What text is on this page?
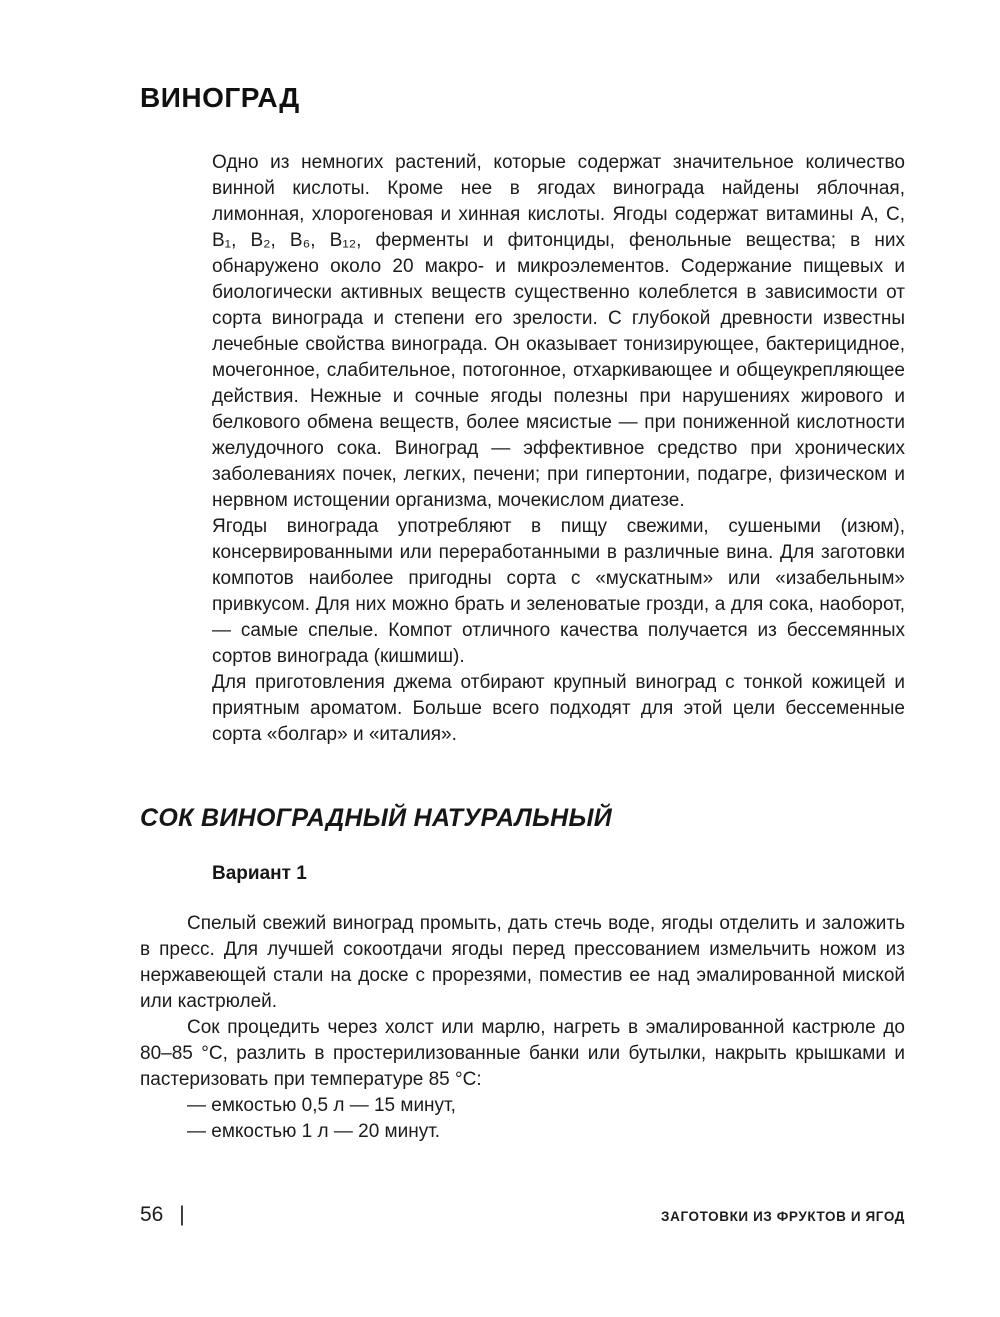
ВИНОГРАД

Одно из немногих растений, которые содержат значительное количество винной кислоты. Кроме нее в ягодах винограда найдены яблочная, лимонная, хлорогеновая и хинная кислоты. Ягоды содержат витамины A, C, B₁, B₂, B₆, B₁₂, ферменты и фитонциды, фенольные вещества; в них обнаружено около 20 макро- и микроэлементов. Содержание пищевых и биологически активных веществ существенно колеблется в зависимости от сорта винограда и степени его зрелости. С глубокой древности известны лечебные свойства винограда. Он оказывает тонизирующее, бактерицидное, мочегонное, слабительное, потогонное, отхаркивающее и общеукрепляющее действия. Нежные и сочные ягоды полезны при нарушениях жирового и белкового обмена веществ, более мясистые — при пониженной кислотности желудочного сока. Виноград — эффективное средство при хронических заболеваниях почек, легких, печени; при гипертонии, подагре, физическом и нервном истощении организма, мочекислом диатезе.

Ягоды винограда употребляют в пищу свежими, сушеными (изюм), консервированными или переработанными в различные вина. Для заготовки компотов наиболее пригодны сорта с «мускатным» или «изабельным» привкусом. Для них можно брать и зеленоватые грозди, а для сока, наоборот, — самые спелые. Компот отличного качества получается из бессемянных сортов винограда (кишмиш).

Для приготовления джема отбирают крупный виноград с тонкой кожицей и приятным ароматом. Больше всего подходят для этой цели бессеменные сорта «болгар» и «италия».

СОК ВИНОГРАДНЫЙ НАТУРАЛЬНЫЙ
Вариант 1

Спелый свежий виноград промыть, дать стечь воде, ягоды отделить и заложить в пресс. Для лучшей сокоотдачи ягоды перед прессованием измельчить ножом из нержавеющей стали на доске с прорезями, поместив ее над эмалированной миской или кастрюлей.

Сок процедить через холст или марлю, нагреть в эмалированной кастрюле до 80–85 °C, разлить в простерилизованные банки или бутылки, накрыть крышками и пастеризовать при температуре 85 °C:

— емкостью 0,5 л — 15 минут,

— емкостью 1 л — 20 минут.

56 |	ЗАГОТОВКИ ИЗ ФРУКТОВ И ЯГОД
